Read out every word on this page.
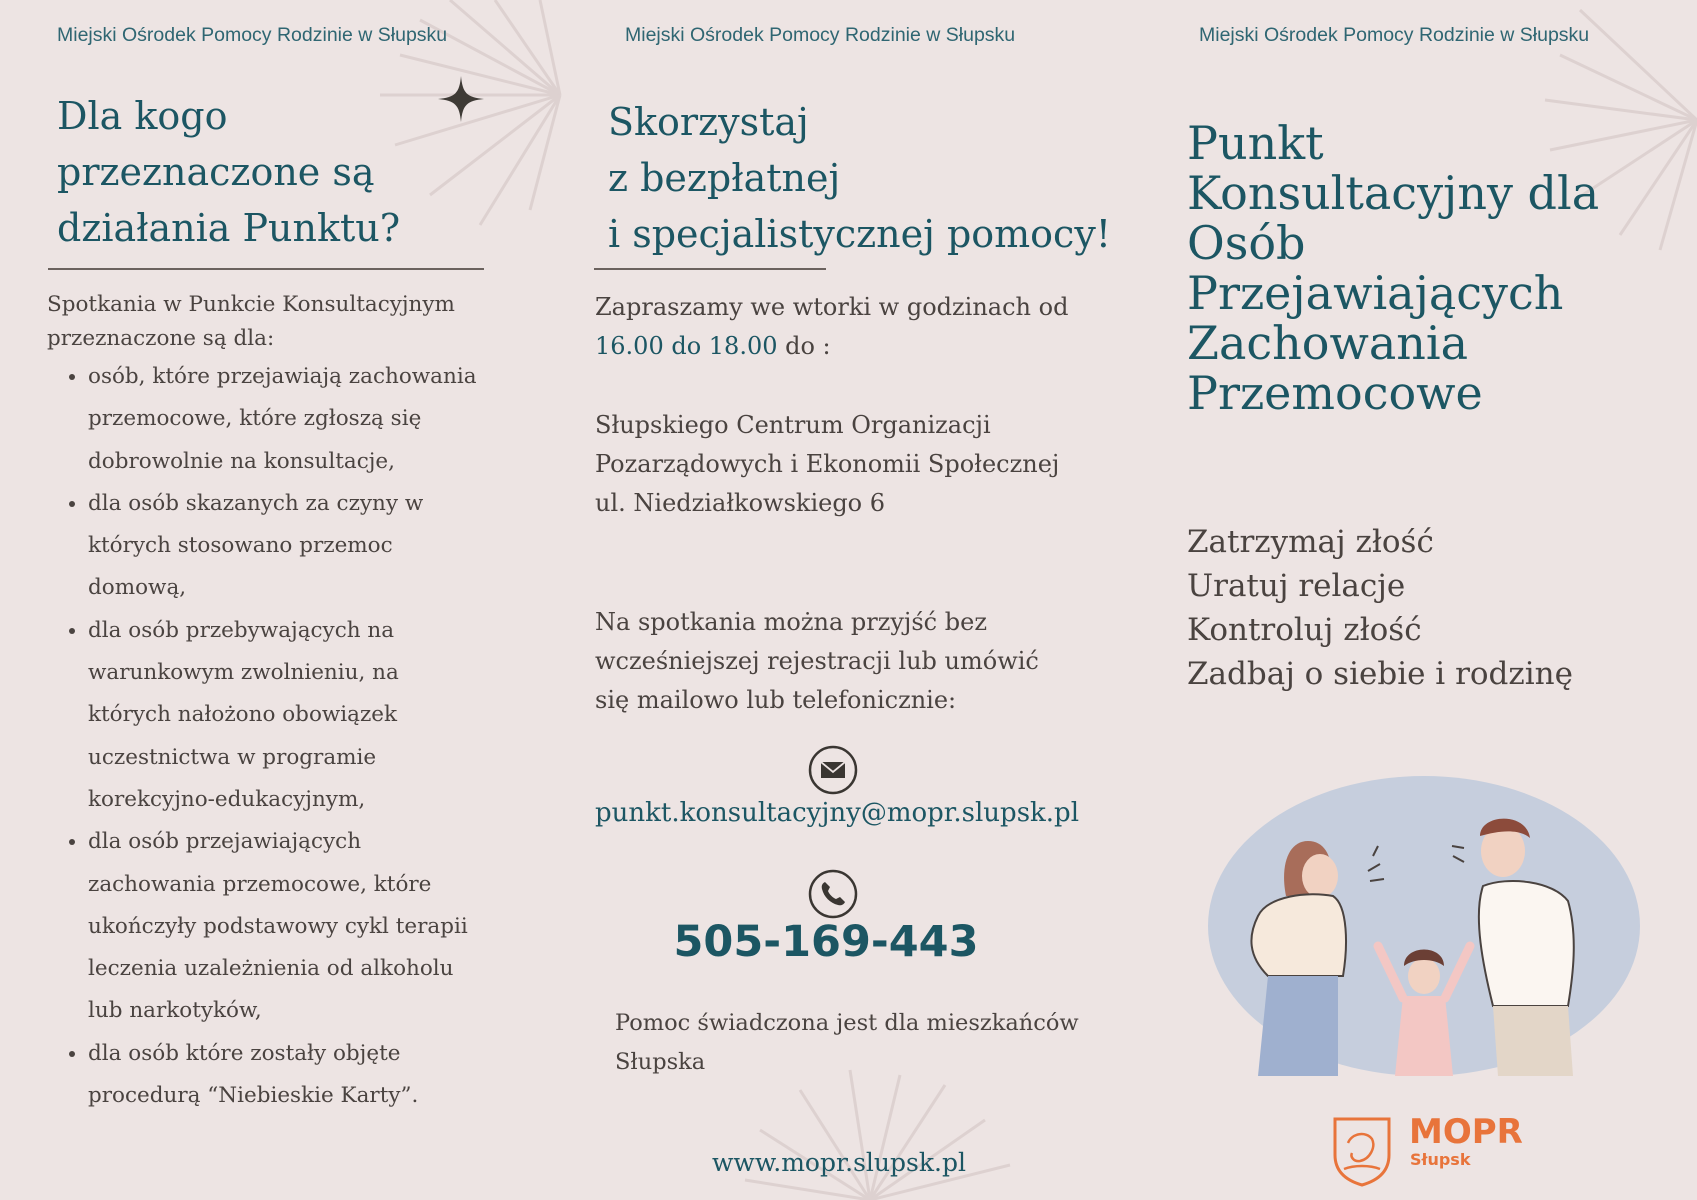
Miejski Ośrodek Pomocy Rodzinie w Słupsku
Dla kogo
przeznaczone są
działania Punktu?

Spotkania w Punkcie Konsultacyjnym
przeznaczone są dla:

• osób, które przejawiają zachowania
przemocowe, które zgłoszą się
dobrowolnie na konsultacje,
• dla osób skazanych za czyny w
których stosowano przemoc
domową,
• dla osób przebywających na
warunkowym zwolnieniu, na
których nałożono obowiązek
uczestnictwa w programie
korekcyjno-edukacyjnym,
• dla osób przejawiających
zachowania przemocowe, które
ukończyły podstawowy cykl terapii
leczenia uzależnienia od alkoholu
lub narkotyków,
• dla osób które zostały objęte
procedurą “Niebieskie Karty”.
Miejski Ośrodek Pomocy Rodzinie w Słupsku
Skorzystaj
z bezpłatnej
i specjalistycznej pomocy!

Zapraszamy we wtorki w godzinach od
16.00 do 18.00 do :

Słupskiego Centrum Organizacji
Pozarządowych i Ekonomii Społecznej
ul. Niedziałkowskiego 6

Na spotkania można przyjść bez
wcześniejszej rejestracji lub umówić
się mailowo lub telefonicznie:

punkt.konsultacyjny@mopr.slupsk.pl
505-169-443

Pomoc świadczona jest dla mieszkańców
Słupska

www.mopr.slupsk.pl
Miejski Ośrodek Pomocy Rodzinie w Słupsku
Punkt
Konsultacyjny dla
Osób
Przejawiających
Zachowania
Przemocowe
Zatrzymaj złość
Uratuj relacje
Kontroluj złość
Zadbaj o siebie i rodzinę
MOPR
Słupsk
